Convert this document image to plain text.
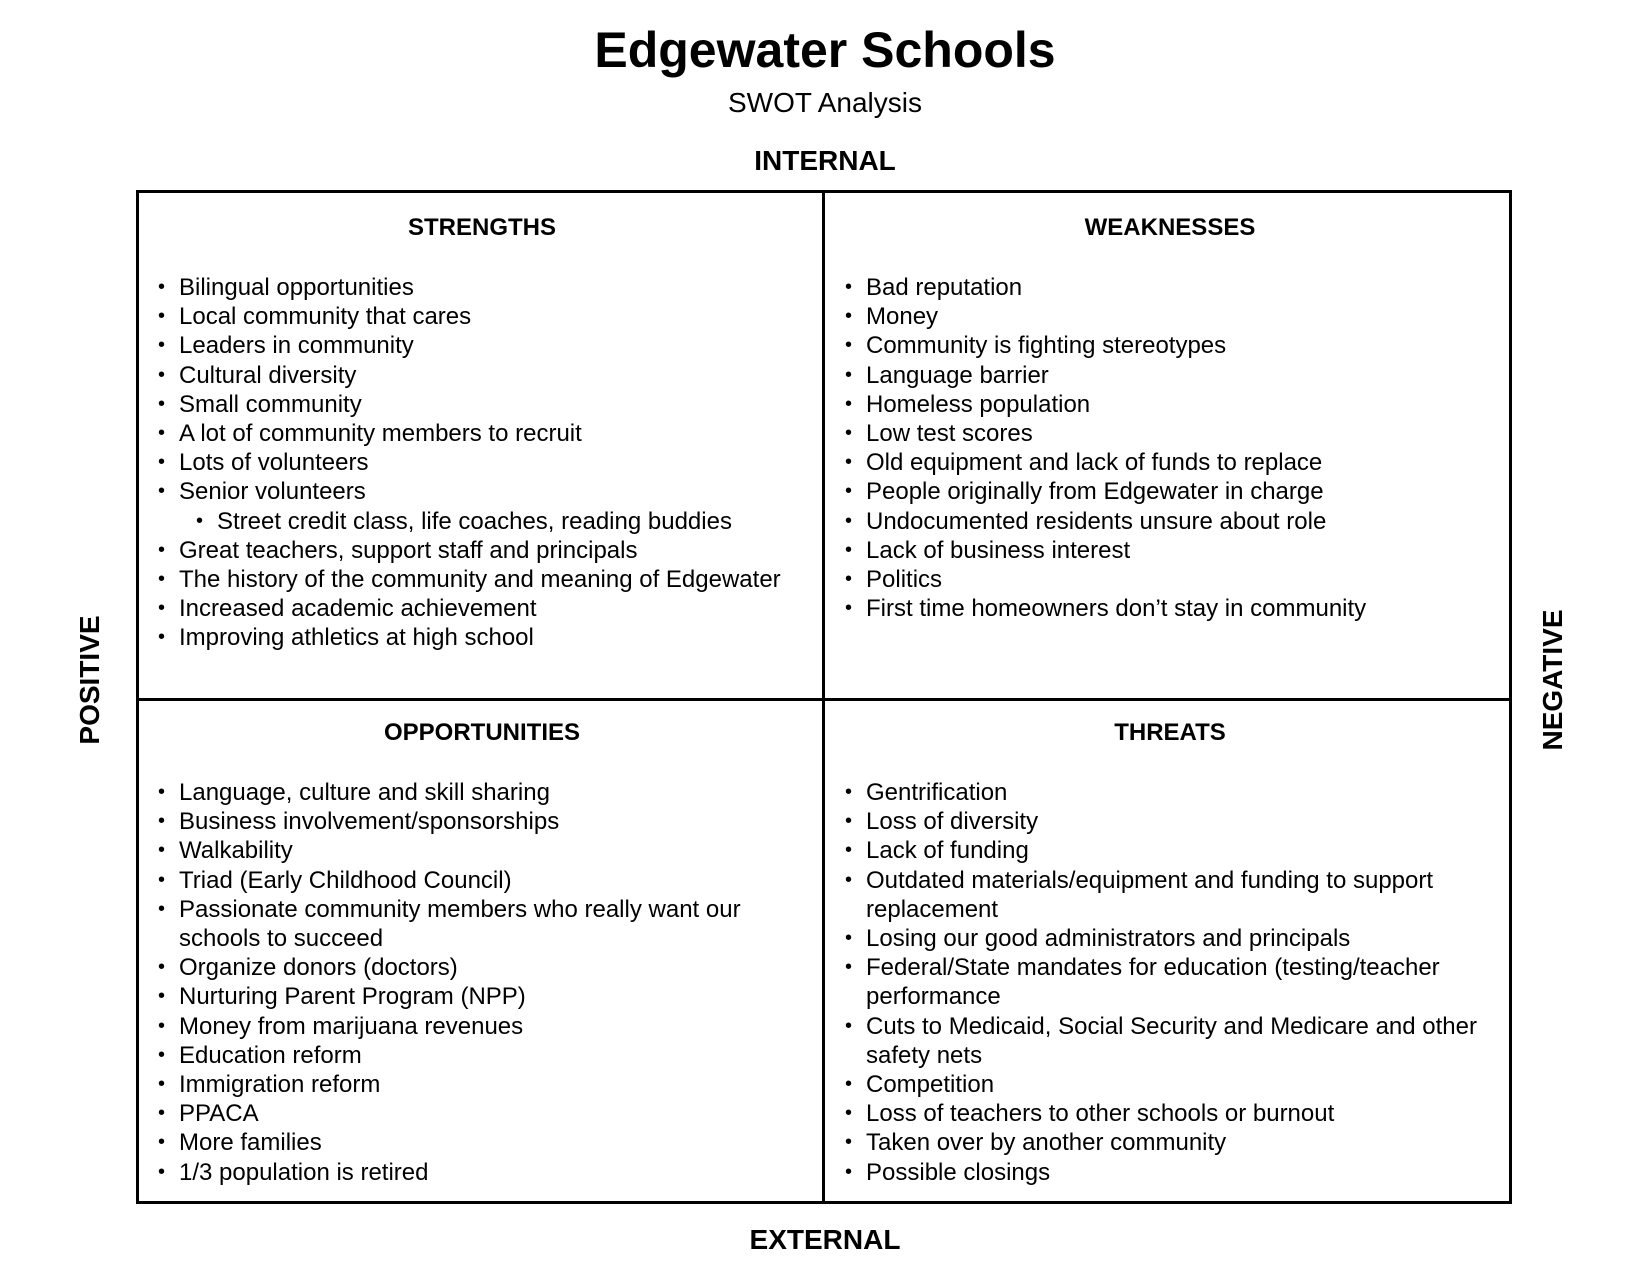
Edgewater Schools
SWOT Analysis
INTERNAL
EXTERNAL
POSITIVE	NEGATIVE
STRENGTHS
• Bilingual opportunities
• Local community that cares
• Leaders in community
• Cultural diversity
• Small community
• A lot of community members to recruit
• Lots of volunteers
• Senior volunteers
• Street credit class, life coaches, reading buddies
• Great teachers, support staff and principals
• The history of the community and meaning of Edgewater
• Increased academic achievement
• Improving athletics at high school
WEAKNESSES
• Bad reputation
• Money
• Community is fighting stereotypes
• Language barrier
• Homeless population
• Low test scores
• Old equipment and lack of funds to replace
• People originally from Edgewater in charge
• Undocumented residents unsure about role
• Lack of business interest
• Politics
• First time homeowners don’t stay in community
OPPORTUNITIES
• Language, culture and skill sharing
• Business involvement/sponsorships
• Walkability
• Triad (Early Childhood Council)
• Passionate community members who really want our schools to succeed
• Organize donors (doctors)
• Nurturing Parent Program (NPP)
• Money from marijuana revenues
• Education reform
• Immigration reform
• PPACA
• More families
• 1/3 population is retired
THREATS
• Gentrification
• Loss of diversity
• Lack of funding
• Outdated materials/equipment and funding to support replacement
• Losing our good administrators and principals
• Federal/State mandates for education (testing/teacher performance
• Cuts to Medicaid, Social Security and Medicare and other safety nets
• Competition
• Loss of teachers to other schools or burnout
• Taken over by another community
• Possible closings
